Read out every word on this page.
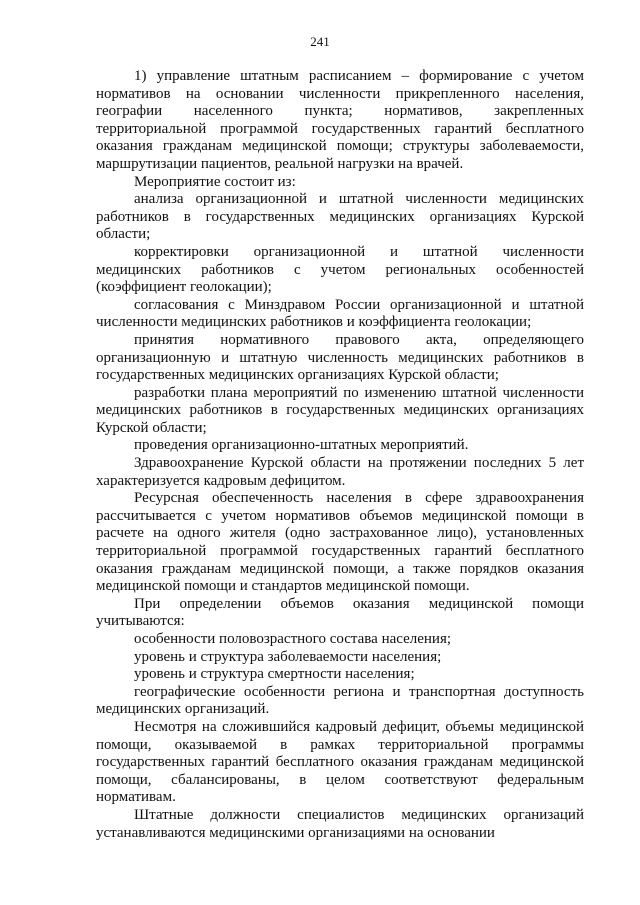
241

1) управление штатным расписанием – формирование с учетом нормативов на основании численности прикрепленного населения, географии населенного пункта; нормативов, закрепленных территориальной программой государственных гарантий бесплатного оказания гражданам медицинской помощи; структуры заболеваемости, маршрутизации пациентов, реальной нагрузки на врачей.

Мероприятие состоит из:

анализа организационной и штатной численности медицинских работников в государственных медицинских организациях Курской области;

корректировки организационной и штатной численности медицинских работников с учетом региональных особенностей (коэффициент геолокации);

согласования с Минздравом России организационной и штатной численности медицинских работников и коэффициента геолокации;

принятия нормативного правового акта, определяющего организационную и штатную численность медицинских работников в государственных медицинских организациях Курской области;

разработки плана мероприятий по изменению штатной численности медицинских работников в государственных медицинских организациях Курской области;

проведения организационно-штатных мероприятий.

Здравоохранение Курской области на протяжении последних 5 лет характеризуется кадровым дефицитом.

Ресурсная обеспеченность населения в сфере здравоохранения рассчитывается с учетом нормативов объемов медицинской помощи в расчете на одного жителя (одно застрахованное лицо), установленных территориальной программой государственных гарантий бесплатного оказания гражданам медицинской помощи, а также порядков оказания медицинской помощи и стандартов медицинской помощи.

При определении объемов оказания медицинской помощи учитываются:

особенности половозрастного состава населения;

уровень и структура заболеваемости населения;

уровень и структура смертности населения;

географические особенности региона и транспортная доступность медицинских организаций.

Несмотря на сложившийся кадровый дефицит, объемы медицинской помощи, оказываемой в рамках территориальной программы государственных гарантий бесплатного оказания гражданам медицинской помощи, сбалансированы, в целом соответствуют федеральным нормативам.

Штатные должности специалистов медицинских организаций устанавливаются медицинскими организациями на основании
